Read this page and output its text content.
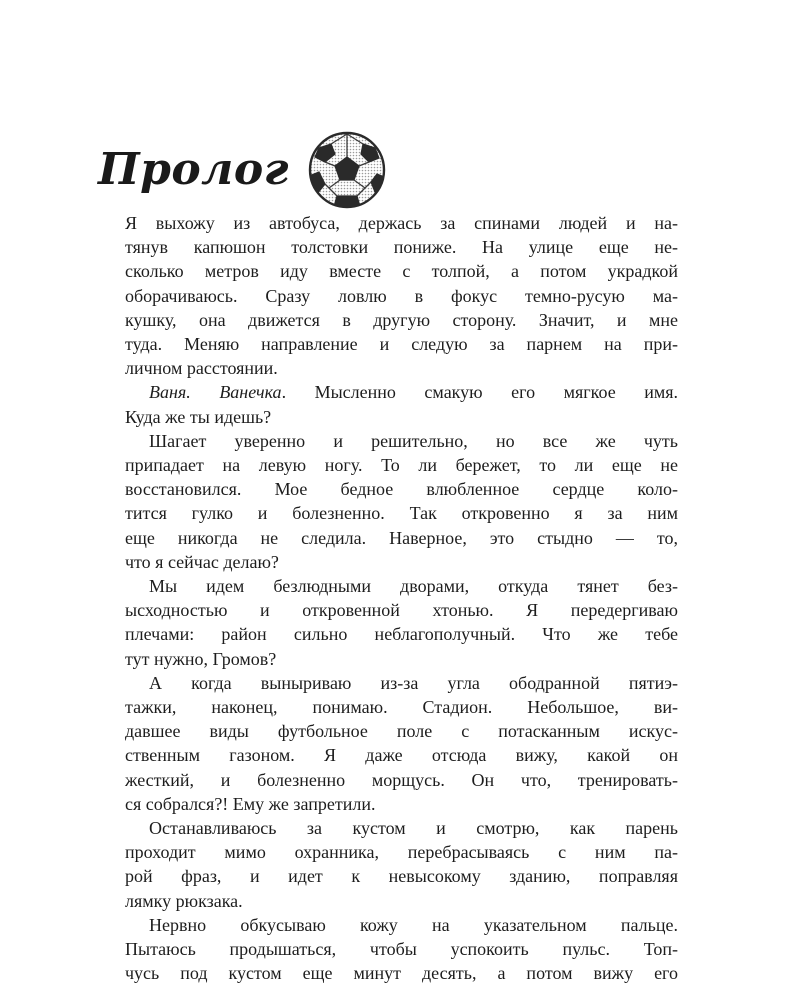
Пролог

Я выхожу из автобуса, держась за спинами людей и на-
тянув капюшон толстовки пониже. На улице еще не-
сколько метров иду вместе с толпой, а потом украдкой
оборачиваюсь. Сразу ловлю в фокус темно-русую ма-
кушку, она движется в другую сторону. Значит, и мне
туда. Меняю направление и следую за парнем на при-

личном расстоянии.

Ваня. Ванечка. Мысленно смакую его мягкое имя.

Куда же ты идешь?

Шагает уверенно и решительно, но все же чуть

припадает на левую ногу. То ли бережет, то ли еще не
восстановился. Мое бедное влюбленное сердце коло-
тится гулко и болезненно. Так откровенно я за ним
еще никогда не следила. Наверное, это стыдно — то,

что я сейчас делаю?

Мы идем безлюдными дворами, откуда тянет без-

ысходностью и откровенной хтонью. Я передергиваю
плечами: район сильно неблагополучный. Что же тебе

тут нужно, Громов?

А когда выныриваю из-за угла ободранной пятиэ-

тажки, наконец, понимаю. Стадион. Небольшое, ви-
давшее виды футбольное поле с потасканным искус-
ственным газоном. Я даже отсюда вижу, какой он
жесткий, и болезненно морщусь. Он что, тренировать-

ся собрался?! Ему же запретили.

Останавливаюсь за кустом и смотрю, как парень

проходит мимо охранника, перебрасываясь с ним па-
рой фраз, и идет к невысокому зданию, поправляя

лямку рюкзака.

Нервно обкусываю кожу на указательном пальце.

Пытаюсь продышаться, чтобы успокоить пульс. Топ-
чусь под кустом еще минут десять, а потом вижу его
